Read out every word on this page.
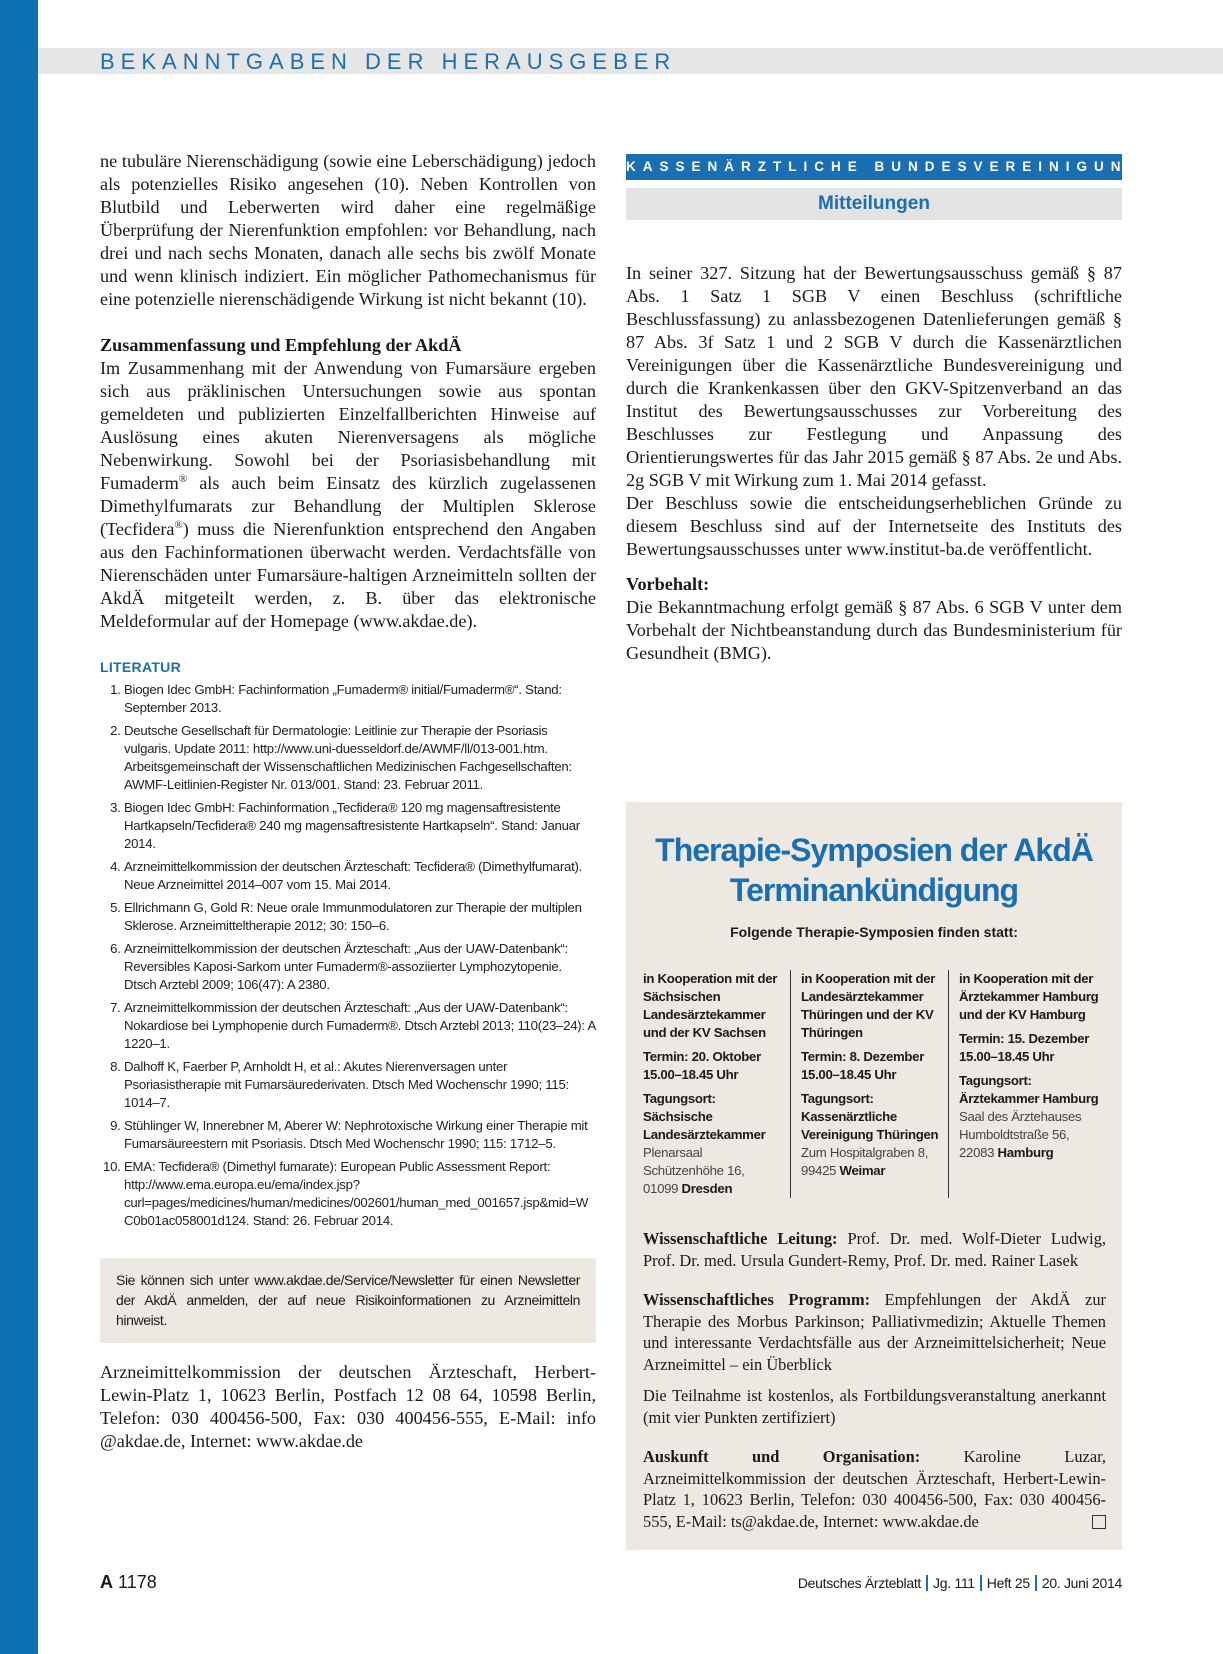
BEKANNTGABEN DER HERAUSGEBER

ne tubuläre Nierenschädigung (sowie eine Leberschädigung) jedoch als potenzielles Risiko angesehen (10). Neben Kontrollen von Blutbild und Leberwerten wird daher eine regelmäßige Überprüfung der Nierenfunktion empfohlen: vor Behandlung, nach drei und nach sechs Monaten, danach alle sechs bis zwölf Monate und wenn klinisch indiziert. Ein möglicher Pathomechanismus für eine potenzielle nierenschädigende Wirkung ist nicht bekannt (10).

Zusammenfassung und Empfehlung der AkdÄ

Im Zusammenhang mit der Anwendung von Fumarsäure ergeben sich aus präklinischen Untersuchungen sowie aus spontan gemeldeten und publizierten Einzelfallberichten Hinweise auf Auslösung eines akuten Nierenversagens als mögliche Nebenwirkung. Sowohl bei der Psoriasisbehandlung mit Fumaderm® als auch beim Einsatz des kürzlich zugelassenen Dimethylfumarats zur Behandlung der Multiplen Sklerose (Tecfidera®) muss die Nierenfunktion entsprechend den Angaben aus den Fachinformationen überwacht werden. Verdachtsfälle von Nierenschäden unter Fumarsäure-haltigen Arzneimitteln sollten der AkdÄ mitgeteilt werden, z. B. über das elektronische Meldeformular auf der Homepage (www.akdae.de).

LITERATUR
1. Biogen Idec GmbH: Fachinformation „Fumaderm® initial/Fumaderm®“. Stand: September 2013.
2. Deutsche Gesellschaft für Dermatologie: Leitlinie zur Therapie der Psoriasis vulgaris. Update 2011: http://www.uni-duesseldorf.de/AWMF/ll/013-001.htm. Arbeitsgemeinschaft der Wissenschaftlichen Medizinischen Fachgesellschaften: AWMF-Leitlinien-Register Nr. 013/001. Stand: 23. Februar 2011.
3. Biogen Idec GmbH: Fachinformation „Tecfidera® 120 mg magensaftresistente Hartkapseln/Tecfidera® 240 mg magensaftresistente Hartkapseln“. Stand: Januar 2014.
4. Arzneimittelkommission der deutschen Ärzteschaft: Tecfidera® (Dimethylfumarat). Neue Arzneimittel 2014–007 vom 15. Mai 2014.
5. Ellrichmann G, Gold R: Neue orale Immunmodulatoren zur Therapie der multiplen Sklerose. Arzneimitteltherapie 2012; 30: 150–6.
6. Arzneimittelkommission der deutschen Ärzteschaft: „Aus der UAW-Datenbank“: Reversibles Kaposi-Sarkom unter Fumaderm®-assoziierter Lymphozytopenie. Dtsch Arztebl 2009; 106(47): A 2380.
7. Arzneimittelkommission der deutschen Ärzteschaft: „Aus der UAW-Datenbank“: Nokardiose bei Lymphopenie durch Fumaderm®. Dtsch Arztebl 2013; 110(23–24): A 1220–1.
8. Dalhoff K, Faerber P, Arnholdt H, et al.: Akutes Nierenversagen unter Psoriasistherapie mit Fumarsäurederivaten. Dtsch Med Wochenschr 1990; 115: 1014–7.
9. Stühlinger W, Innerebner M, Aberer W: Nephrotoxische Wirkung einer Therapie mit Fumarsäureestern mit Psoriasis. Dtsch Med Wochenschr 1990; 115: 1712–5.
10. EMA: Tecfidera® (Dimethyl fumarate): European Public Assessment Report: http://www.ema.europa.eu/ema/index.jsp?curl=pages/medicines/human/medicines/002601/human_med_001657.jsp&mid=WC0b01ac058001d124. Stand: 26. Februar 2014.
Sie können sich unter www.akdae.de/Service/Newsletter für einen Newsletter der AkdÄ anmelden, der auf neue Risikoinformationen zu Arzneimitteln hinweist.

Arzneimittelkommission der deutschen Ärzteschaft, Herbert-Lewin-Platz 1, 10623 Berlin, Postfach 12 08 64, 10598 Berlin, Telefon: 030 400456-500, Fax: 030 400456-555, E-Mail: info @akdae.de, Internet: www.akdae.de

KASSENÄRZTLICHE BUNDESVEREINIGUNG
Mitteilungen

In seiner 327. Sitzung hat der Bewertungsausschuss gemäß § 87 Abs. 1 Satz 1 SGB V einen Beschluss (schriftliche Beschlussfassung) zu anlassbezogenen Datenlieferungen gemäß § 87 Abs. 3f Satz 1 und 2 SGB V durch die Kassenärztlichen Vereinigungen über die Kassenärztliche Bundesvereinigung und durch die Krankenkassen über den GKV-Spitzenverband an das Institut des Bewertungsausschusses zur Vorbereitung des Beschlusses zur Festlegung und Anpassung des Orientierungswertes für das Jahr 2015 gemäß § 87 Abs. 2e und Abs. 2g SGB V mit Wirkung zum 1. Mai 2014 gefasst.

Der Beschluss sowie die entscheidungserheblichen Gründe zu diesem Beschluss sind auf der Internetseite des Instituts des Bewertungsausschusses unter www.institut-ba.de veröffentlicht.

Vorbehalt:

Die Bekanntmachung erfolgt gemäß § 87 Abs. 6 SGB V unter dem Vorbehalt der Nichtbeanstandung durch das Bundesministerium für Gesundheit (BMG).

Therapie-Symposien der AkdÄ
Terminankündigung
Folgende Therapie-Symposien finden statt:
in Kooperation mit der Sächsischen Landesärztekammer und der KV Sachsen
Termin: 20. Oktober
15.00–18.45 Uhr
Tagungsort: Sächsische Landesärztekammer
Plenarsaal
Schützenhöhe 16,
01099 Dresden
in Kooperation mit der Landesärztekammer Thüringen und der KV Thüringen
Termin: 8. Dezember
15.00–18.45 Uhr
Tagungsort: Kassenärztliche Vereinigung Thüringen
Zum Hospitalgraben 8,
99425 Weimar
in Kooperation mit der Ärztekammer Hamburg und der KV Hamburg
Termin: 15. Dezember
15.00–18.45 Uhr
Tagungsort: Ärztekammer Hamburg
Saal des Ärztehauses
Humboldtstraße 56,
22083 Hamburg

Wissenschaftliche Leitung: Prof. Dr. med. Wolf-Dieter Ludwig, Prof. Dr. med. Ursula Gundert-Remy, Prof. Dr. med. Rainer Lasek

Wissenschaftliches Programm: Empfehlungen der AkdÄ zur Therapie des Morbus Parkinson; Palliativmedizin; Aktuelle Themen und interessante Verdachtsfälle aus der Arzneimittelsicherheit; Neue Arzneimittel – ein Überblick

Die Teilnahme ist kostenlos, als Fortbildungsveranstaltung anerkannt (mit vier Punkten zertifiziert)

Auskunft und Organisation: Karoline Luzar, Arzneimittelkommission der deutschen Ärzteschaft, Herbert-Lewin-Platz 1, 10623 Berlin, Telefon: 030 400456-500, Fax: 030 400456-555, E-Mail: ts@akdae.de, Internet: www.akdae.de

A 1178	Deutsches Ärzteblatt Jg. 111 Heft 25 20. Juni 2014
